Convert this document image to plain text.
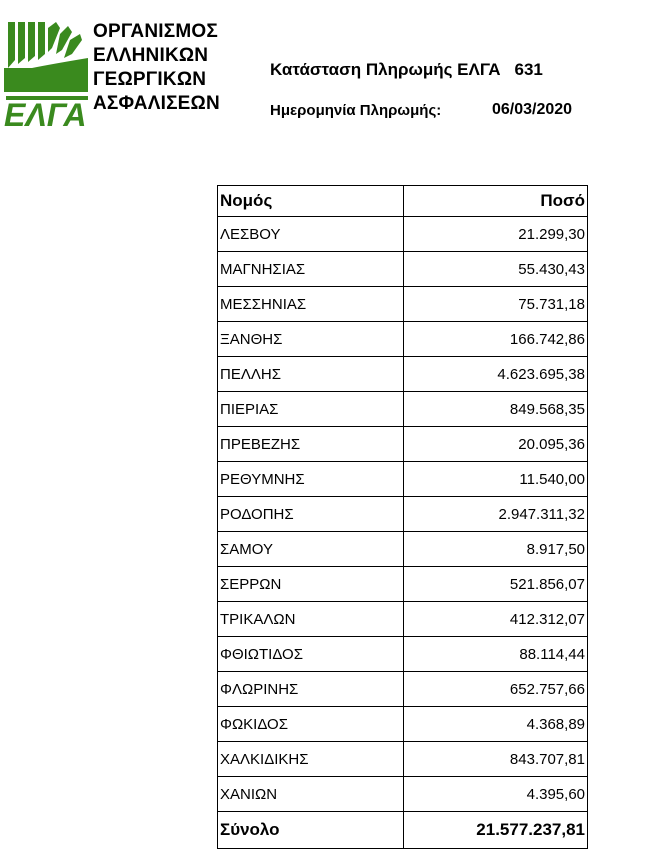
ΕΛΓΑ
ΟΡΓΑΝΙΣΜΟΣ
ΕΛΛΗΝΙΚΩΝ
ΓΕΩΡΓΙΚΩΝ
ΑΣΦΑΛΙΣΕΩΝ
Κατάσταση Πληρωμής ΕΛΓΑ 631
Ημερομηνία Πληρωμής:	06/03/2020
Νομός	Ποσό
ΛΕΣΒΟΥ	21.299,30
ΜΑΓΝΗΣΙΑΣ	55.430,43
ΜΕΣΣΗΝΙΑΣ	75.731,18
ΞΑΝΘΗΣ	166.742,86
ΠΕΛΛΗΣ	4.623.695,38
ΠΙΕΡΙΑΣ	849.568,35
ΠΡΕΒΕΖΗΣ	20.095,36
ΡΕΘΥΜΝΗΣ	11.540,00
ΡΟΔΟΠΗΣ	2.947.311,32
ΣΑΜΟΥ	8.917,50
ΣΕΡΡΩΝ	521.856,07
ΤΡΙΚΑΛΩΝ	412.312,07
ΦΘΙΩΤΙΔΟΣ	88.114,44
ΦΛΩΡΙΝΗΣ	652.757,66
ΦΩΚΙΔΟΣ	4.368,89
ΧΑΛΚΙΔΙΚΗΣ	843.707,81
ΧΑΝΙΩΝ	4.395,60
Σύνολο	21.577.237,81
